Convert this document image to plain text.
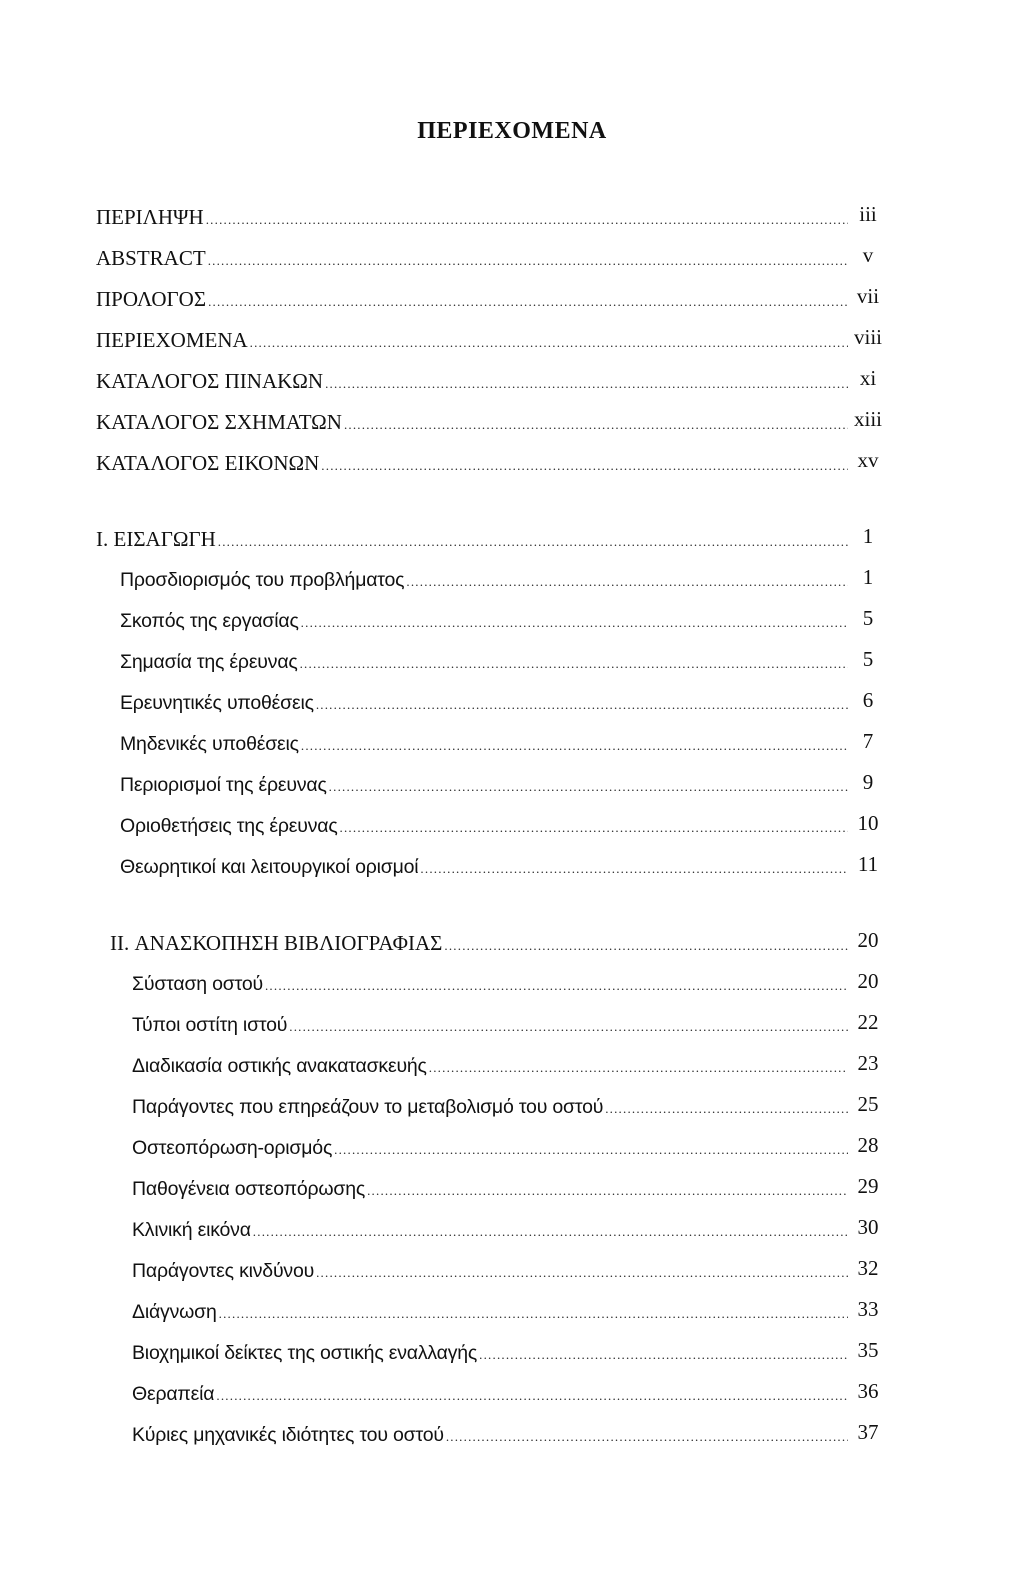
ΠΕΡΙΕΧΟΜΕΝΑ
ΠΕΡΙΛΗΨΗ .....	iii
ABSTRACT .....	v
ΠΡΟΛΟΓΟΣ .....	vii
ΠΕΡΙΕΧΟΜΕΝΑ .....	viii
ΚΑΤΑΛΟΓΟΣ ΠΙΝΑΚΩΝ .....	xi
ΚΑΤΑΛΟΓΟΣ ΣΧΗΜΑΤΩΝ .....	xiii
ΚΑΤΑΛΟΓΟΣ ΕΙΚΟΝΩΝ .....	xv
I. ΕΙΣΑΓΩΓΗ .....	1
Προσδιορισμός του προβλήματος .....	1
Σκοπός της εργασίας .....	5
Σημασία της έρευνας .....	5
Ερευνητικές υποθέσεις .....	6
Μηδενικές υποθέσεις .....	7
Περιορισμοί της έρευνας .....	9
Οριοθετήσεις της έρευνας .....	10
Θεωρητικοί και λειτουργικοί ορισμοί .....	11
II. ΑΝΑΣΚΟΠΗΣΗ ΒΙΒΛΙΟΓΡΑΦΙΑΣ .....	20
Σύσταση οστού .....	20
Τύποι οστίτη ιστού .....	22
Διαδικασία οστικής ανακατασκευής .....	23
Παράγοντες που επηρεάζουν το μεταβολισμό του οστού .....	25
Οστεοπόρωση-ορισμός .....	28
Παθογένεια οστεοπόρωσης .....	29
Κλινική εικόνα .....	30
Παράγοντες κινδύνου .....	32
Διάγνωση .....	33
Βιοχημικοί δείκτες της οστικής εναλλαγής .....	35
Θεραπεία .....	36
Κύριες μηχανικές ιδιότητες του οστού .....	37
